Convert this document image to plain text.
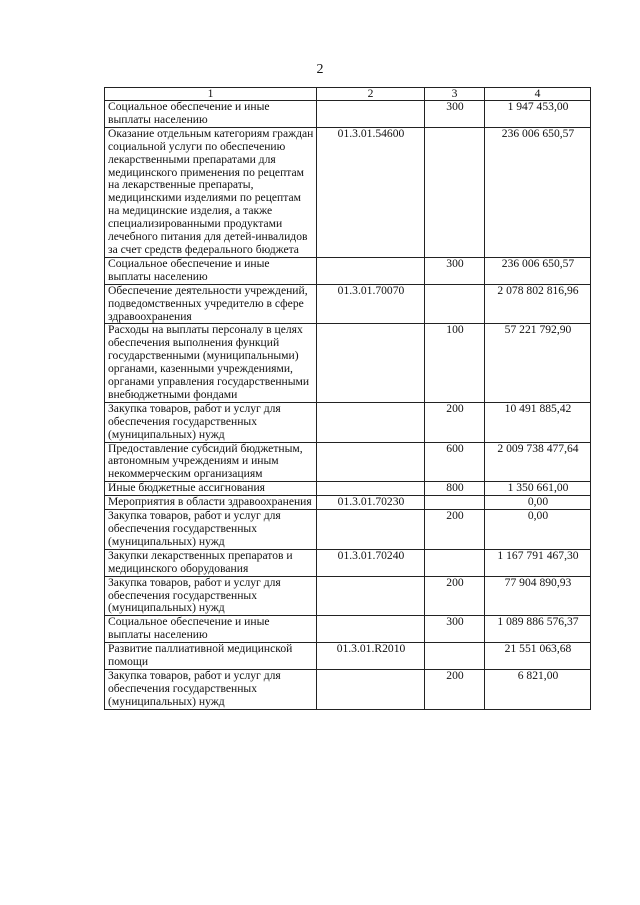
2
1	2	3	4
Социальное обеспечение и иные выплаты населению		300	1 947 453,00
Оказание отдельным категориям граждан социальной услуги по обеспечению лекарственными препаратами для медицинского применения по рецептам на лекарственные препараты, медицинскими изделиями по рецептам на медицинские изделия, а также специализированными продуктами лечебного питания для детей-инвалидов за счет средств федерального бюджета	01.3.01.54600		236 006 650,57
Социальное обеспечение и иные выплаты населению		300	236 006 650,57
Обеспечение деятельности учреждений, подведомственных учредителю в сфере здравоохранения	01.3.01.70070		2 078 802 816,96
Расходы на выплаты персоналу в целях обеспечения выполнения функций государственными (муниципальными) органами, казенными учреждениями, органами управления государственными внебюджетными фондами		100	57 221 792,90
Закупка товаров, работ и услуг для обеспечения государственных (муниципальных) нужд		200	10 491 885,42
Предоставление субсидий бюджетным, автономным учреждениям и иным некоммерческим организациям		600	2 009 738 477,64
Иные бюджетные ассигнования		800	1 350 661,00
Мероприятия в области здравоохранения	01.3.01.70230		0,00
Закупка товаров, работ и услуг для обеспечения государственных (муниципальных) нужд		200	0,00
Закупки лекарственных препаратов и медицинского оборудования	01.3.01.70240		1 167 791 467,30
Закупка товаров, работ и услуг для обеспечения государственных (муниципальных) нужд		200	77 904 890,93
Социальное обеспечение и иные выплаты населению		300	1 089 886 576,37
Развитие паллиативной медицинской помощи	01.3.01.R2010		21 551 063,68
Закупка товаров, работ и услуг для обеспечения государственных (муниципальных) нужд		200	6 821,00
